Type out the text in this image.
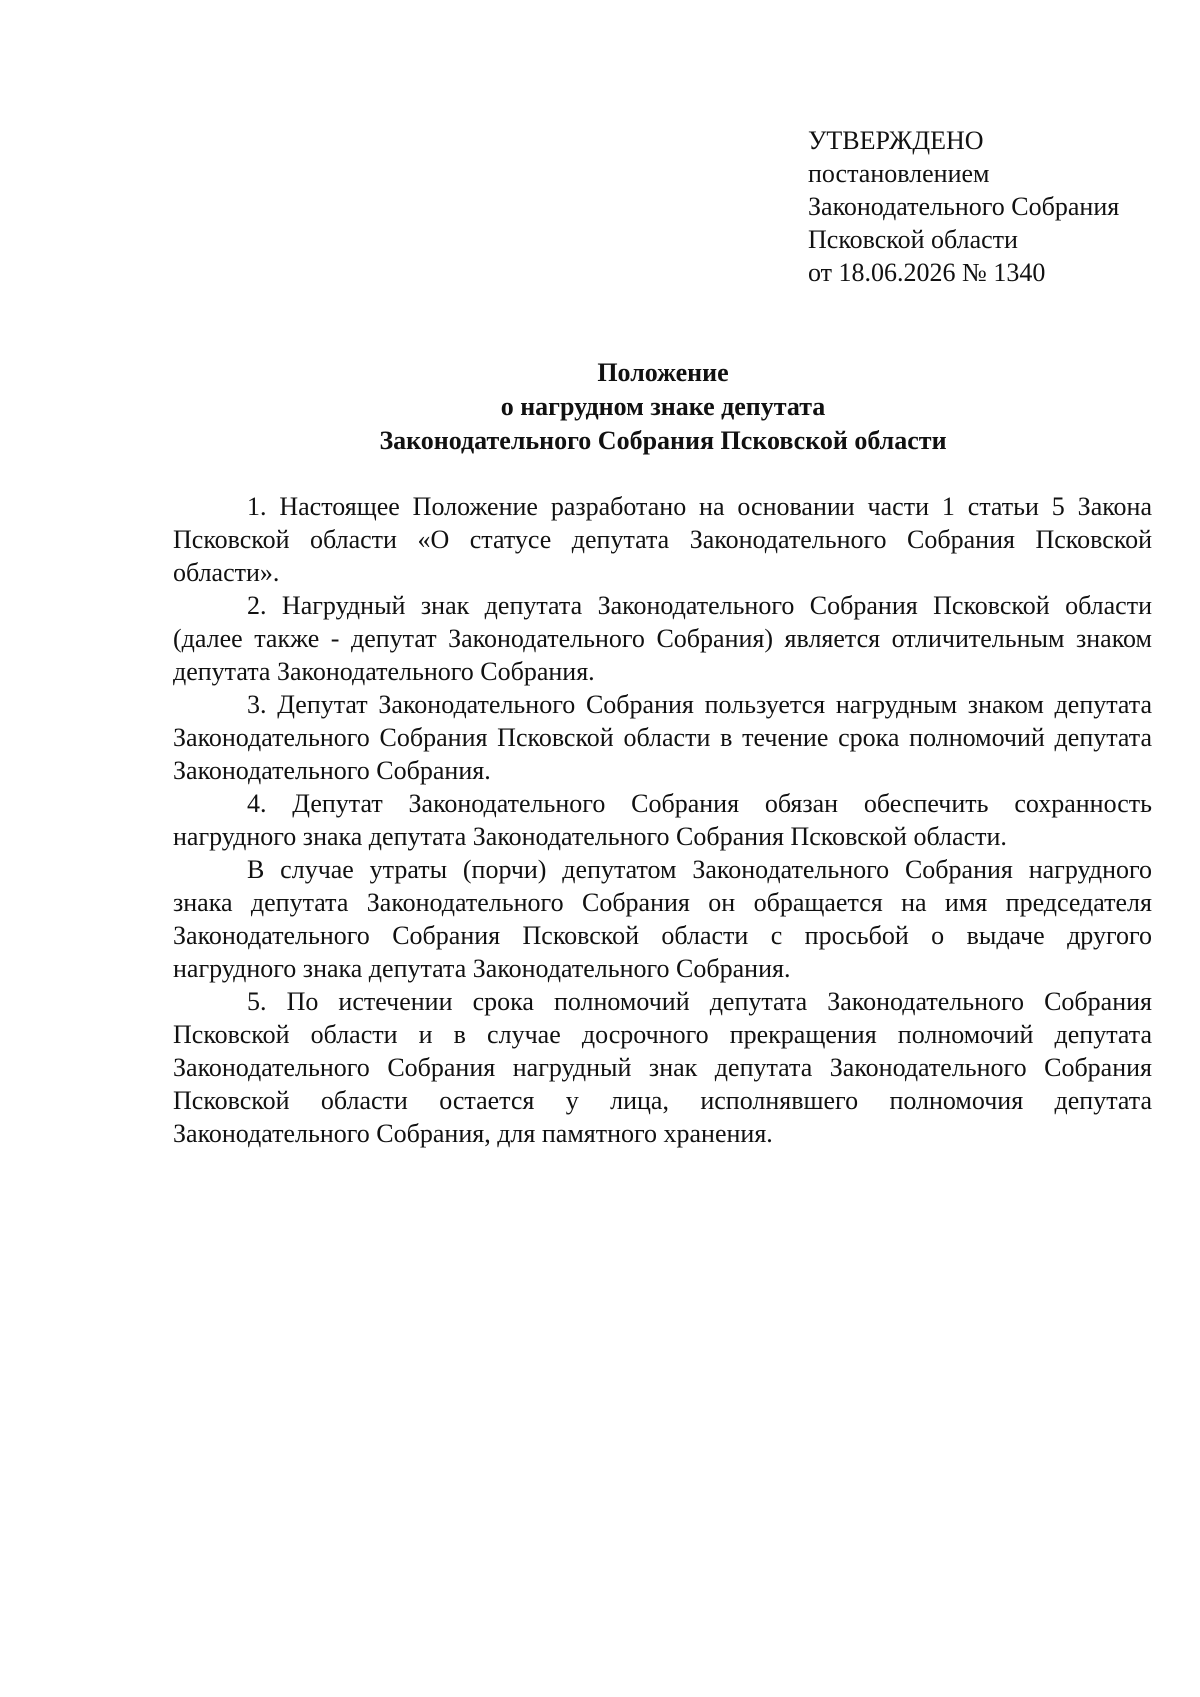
УТВЕРЖДЕНО
постановлением
Законодательного Собрания
Псковской области
от 18.06.2026 № 1340
Положение
о нагрудном знаке депутата
Законодательного Собрания Псковской области

1. Настоящее Положение разработано на основании части 1 статьи 5 Закона Псковской области «О статусе депутата Законодательного Собрания Псковской области».

2. Нагрудный знак депутата Законодательного Собрания Псковской области (далее также - депутат Законодательного Собрания) является отличительным знаком депутата Законодательного Собрания.

3. Депутат Законодательного Собрания пользуется нагрудным знаком депутата Законодательного Собрания Псковской области в течение срока полномочий депутата Законодательного Собрания.

4. Депутат Законодательного Собрания обязан обеспечить сохранность нагрудного знака депутата Законодательного Собрания Псковской области.

В случае утраты (порчи) депутатом Законодательного Собрания нагрудного знака депутата Законодательного Собрания он обращается на имя председателя Законодательного Собрания Псковской области с просьбой о выдаче другого нагрудного знака депутата Законодательного Собрания.

5. По истечении срока полномочий депутата Законодательного Собрания Псковской области и в случае досрочного прекращения полномочий депутата Законодательного Собрания нагрудный знак депутата Законодательного Собрания Псковской области остается у лица, исполнявшего полномочия депутата Законодательного Собрания, для памятного хранения.
